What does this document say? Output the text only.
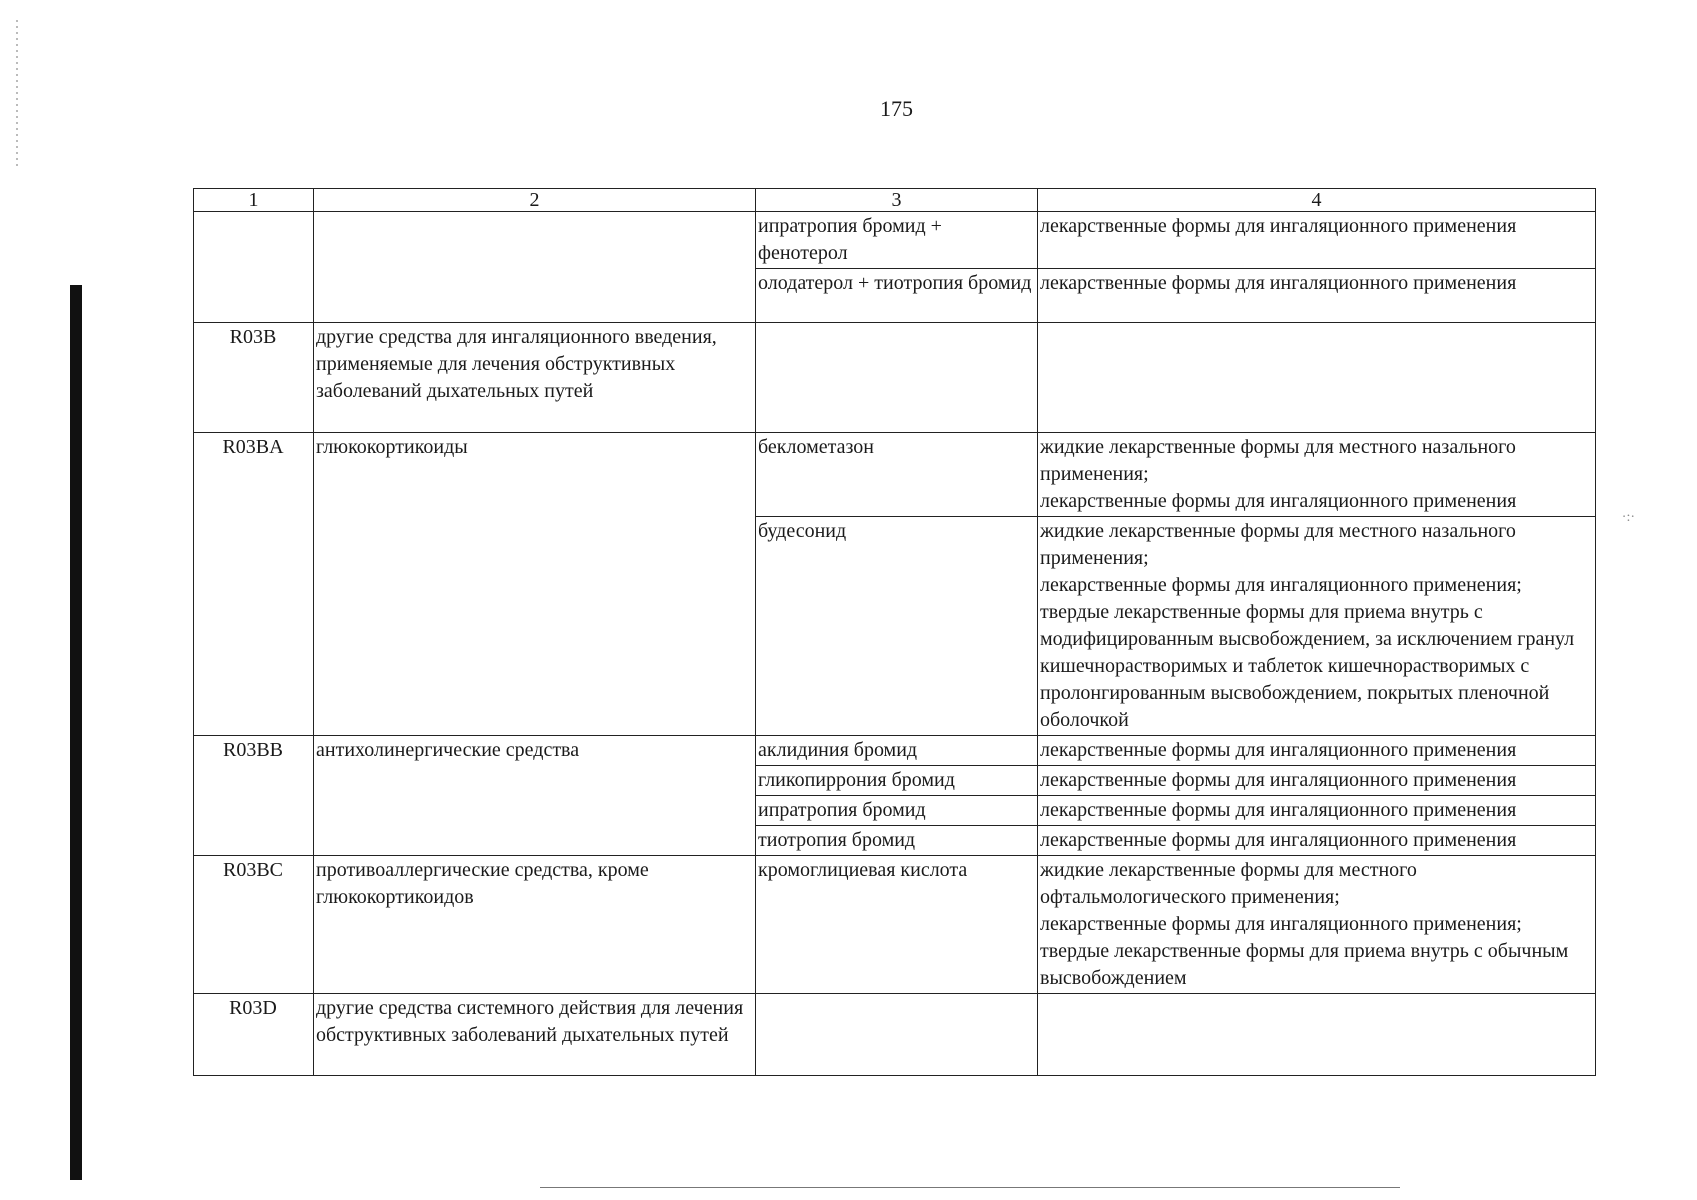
·:·
175
1	2	3	4
		ипратропия бромид + фенотерол	лекарственные формы для ингаляционного применения
		олодатерол + тиотропия бромид	лекарственные формы для ингаляционного применения
R03B	другие средства для ингаляционного введения, применяемые для лечения обструктивных заболеваний дыхательных путей		
R03BA	глюкокортикоиды	беклометазон	жидкие лекарственные формы для местного назального применения;
лекарственные формы для ингаляционного применения

		будесонид	жидкие лекарственные формы для местного назального применения;
лекарственные формы для ингаляционного применения;
твердые лекарственные формы для приема внутрь с модифицированным высвобождением, за исключением гранул кишечнорастворимых и таблеток кишечнорастворимых с пролонгированным высвобождением, покрытых пленочной оболочкой

R03BB	антихолинергические средства	аклидиния бромид	лекарственные формы для ингаляционного применения
		гликопиррония бромид	лекарственные формы для ингаляционного применения
		ипратропия бромид	лекарственные формы для ингаляционного применения
		тиотропия бромид	лекарственные формы для ингаляционного применения
R03BC	противоаллергические средства, кроме глюкокортикоидов	кромоглициевая кислота	жидкие лекарственные формы для местного офтальмологического применения;
лекарственные формы для ингаляционного применения;
твердые лекарственные формы для приема внутрь с обычным высвобождением

R03D	другие средства системного действия для лечения обструктивных заболеваний дыхательных путей		
